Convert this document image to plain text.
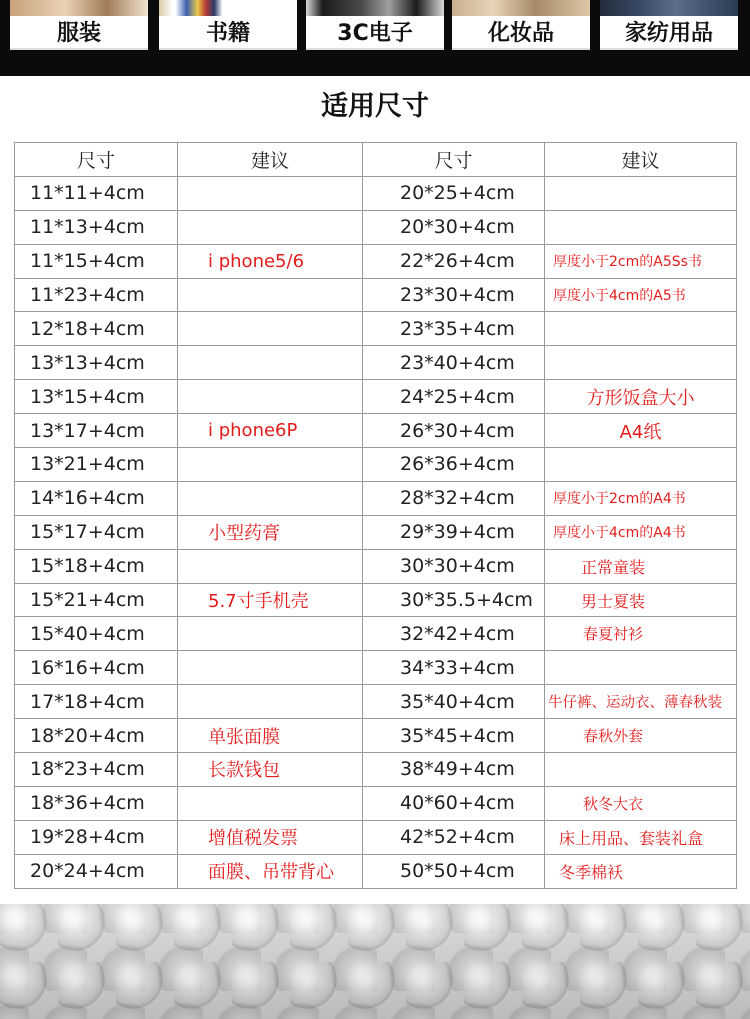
服装	书籍	3C电子	化妆品	家纺用品
适用尺寸
尺寸	建议	尺寸	建议
11*11+4cm		20*25+4cm	
11*13+4cm		20*30+4cm	
11*15+4cm	i phone5/6	22*26+4cm	厚度小于2cm的A5Ss书
11*23+4cm		23*30+4cm	厚度小于4cm的A5书
12*18+4cm		23*35+4cm	
13*13+4cm		23*40+4cm	
13*15+4cm		24*25+4cm	方形饭盒大小
13*17+4cm	i phone6P	26*30+4cm	A4纸
13*21+4cm		26*36+4cm	
14*16+4cm		28*32+4cm	厚度小于2cm的A4书
15*17+4cm	小型药膏	29*39+4cm	厚度小于4cm的A4书
15*18+4cm		30*30+4cm	正常童装
15*21+4cm	5.7寸手机壳	30*35.5+4cm	男士夏装
15*40+4cm		32*42+4cm	春夏衬衫
16*16+4cm		34*33+4cm	
17*18+4cm		35*40+4cm	牛仔裤、运动衣、薄春秋装
18*20+4cm	单张面膜	35*45+4cm	春秋外套
18*23+4cm	长款钱包	38*49+4cm	
18*36+4cm		40*60+4cm	秋冬大衣
19*28+4cm	增值税发票	42*52+4cm	床上用品、套装礼盒
20*24+4cm	面膜、吊带背心	50*50+4cm	冬季棉袄
